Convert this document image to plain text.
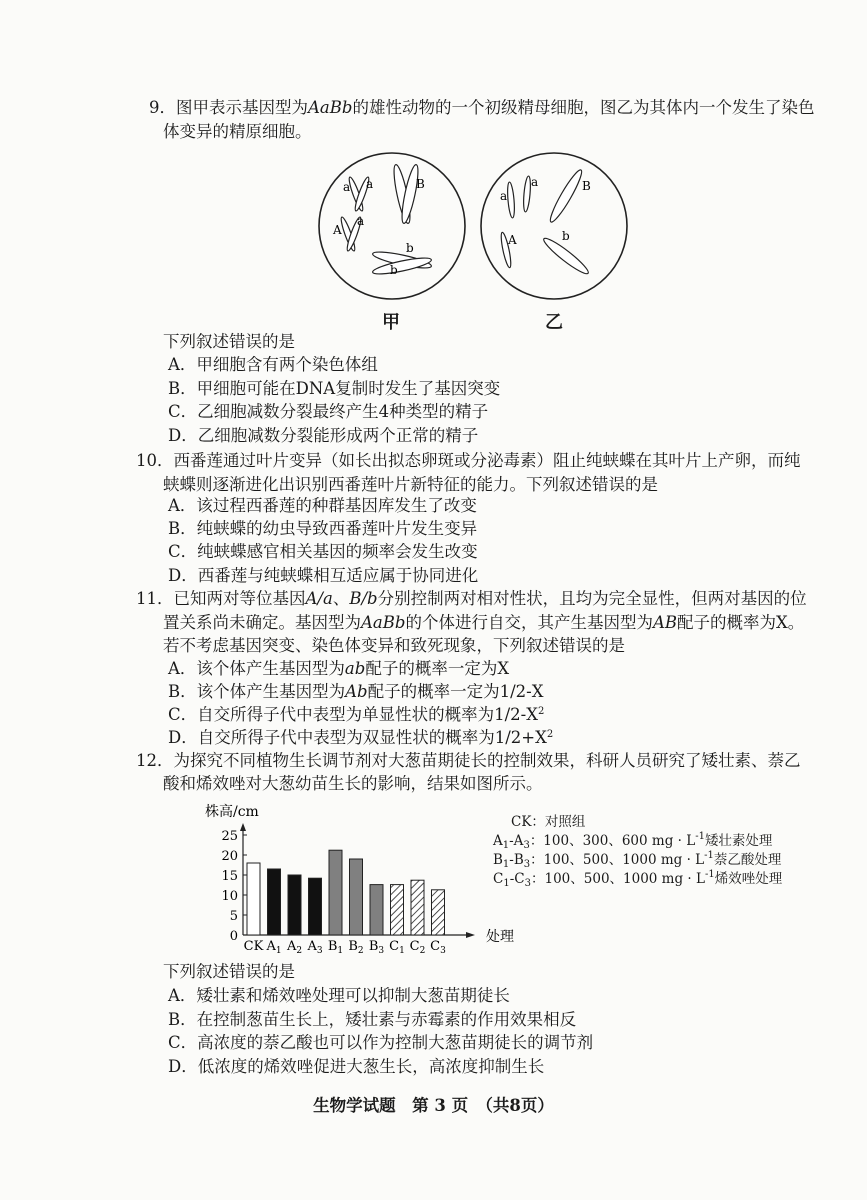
9．图甲表示基因型为AaBb的雄性动物的一个初级精母细胞，图乙为其体内一个发生了染色
体变异的精原细胞。
a a
A
a
B
b
b
a
a
A
B
b
甲	乙
下列叙述错误的是
A．甲细胞含有两个染色体组
B．甲细胞可能在DNA复制时发生了基因突变
C．乙细胞减数分裂最终产生4种类型的精子
D．乙细胞减数分裂能形成两个正常的精子
10．西番莲通过叶片变异（如长出拟态卵斑或分泌毒素）阻止纯蛱蝶在其叶片上产卵，而纯
蛱蝶则逐渐进化出识别西番莲叶片新特征的能力。下列叙述错误的是
A．该过程西番莲的种群基因库发生了改变
B．纯蛱蝶的幼虫导致西番莲叶片发生变异
C．纯蛱蝶感官相关基因的频率会发生改变
D．西番莲与纯蛱蝶相互适应属于协同进化
11．已知两对等位基因A/a、B/b分别控制两对相对性状，且均为完全显性，但两对基因的位
置关系尚未确定。基因型为AaBb的个体进行自交，其产生基因型为AB配子的概率为X。
若不考虑基因突变、染色体变异和致死现象，下列叙述错误的是
A．该个体产生基因型为ab配子的概率一定为X
B．该个体产生基因型为Ab配子的概率一定为1/2-X
C．自交所得子代中表型为单显性状的概率为$1/2-X^2$
D．自交所得子代中表型为双显性状的概率为$1/2+X^2$
12．为探究不同植物生长调节剂对大葱苗期徒长的控制效果，科研人员研究了矮壮素、萘乙
酸和烯效唑对大葱幼苗生长的影响，结果如图所示。
株高/cm
0
5
10
15
20
25
CK $A_1$ $A_2$ $A_3$ $B_1$ $B_2$ $B_3$ $C_1$ $C_2$ $C_3$
处理
CK：对照组
$A_1-A_3$：100、300、600 mg · $L^{-1}$矮壮素处理
$B_1-B_3$：100、500、1000 mg · $L^{-1}$萘乙酸处理
$C_1-C_3$：100、500、1000 mg · $L^{-1}$烯效唑处理
下列叙述错误的是
A．矮壮素和烯效唑处理可以抑制大葱苗期徒长
B．在控制葱苗生长上，矮壮素与赤霉素的作用效果相反
C．高浓度的萘乙酸也可以作为控制大葱苗期徒长的调节剂
D．低浓度的烯效唑促进大葱生长，高浓度抑制生长
生物学试题　第 3 页　（共8页）
